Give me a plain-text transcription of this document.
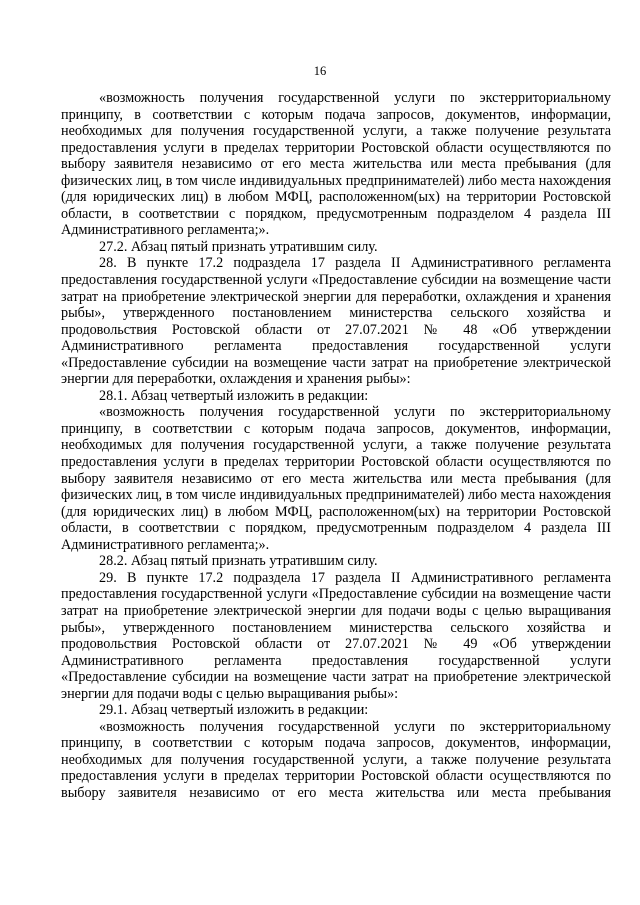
16

«возможность получения государственной услуги по экстерриториальному принципу, в соответствии с которым подача запросов, документов, информации, необходимых для получения государственной услуги, а также получение результата предоставления услуги в пределах территории Ростовской области осуществляются по выбору заявителя независимо от его места жительства или места пребывания (для физических лиц, в том числе индивидуальных предпринимателей) либо места нахождения (для юридических лиц) в любом МФЦ, расположенном(ых) на территории Ростовской области, в соответствии с порядком, предусмотренным подразделом 4 раздела III Административного регламента;».

27.2. Абзац пятый признать утратившим силу.

28. В пункте 17.2 подраздела 17 раздела II Административного регламента предоставления государственной услуги «Предоставление субсидии на возмещение части затрат на приобретение электрической энергии для переработки, охлаждения и хранения рыбы», утвержденного постановлением министерства сельского хозяйства и продовольствия Ростовской области от 27.07.2021 № 48 «Об утверждении Административного регламента предоставления государственной услуги «Предоставление субсидии на возмещение части затрат на приобретение электрической энергии для переработки, охлаждения и хранения рыбы»:

28.1. Абзац четвертый изложить в редакции:

«возможность получения государственной услуги по экстерриториальному принципу, в соответствии с которым подача запросов, документов, информации, необходимых для получения государственной услуги, а также получение результата предоставления услуги в пределах территории Ростовской области осуществляются по выбору заявителя независимо от его места жительства или места пребывания (для физических лиц, в том числе индивидуальных предпринимателей) либо места нахождения (для юридических лиц) в любом МФЦ, расположенном(ых) на территории Ростовской области, в соответствии с порядком, предусмотренным подразделом 4 раздела III Административного регламента;».

28.2. Абзац пятый признать утратившим силу.

29. В пункте 17.2 подраздела 17 раздела II Административного регламента предоставления государственной услуги «Предоставление субсидии на возмещение части затрат на приобретение электрической энергии для подачи воды с целью выращивания рыбы», утвержденного постановлением министерства сельского хозяйства и продовольствия Ростовской области от 27.07.2021 № 49 «Об утверждении Административного регламента предоставления государственной услуги «Предоставление субсидии на возмещение части затрат на приобретение электрической энергии для подачи воды с целью выращивания рыбы»:

29.1. Абзац четвертый изложить в редакции:

«возможность получения государственной услуги по экстерриториальному принципу, в соответствии с которым подача запросов, документов, информации, необходимых для получения государственной услуги, а также получение результата предоставления услуги в пределах территории Ростовской области осуществляются по выбору заявителя независимо от его места жительства или места пребывания
